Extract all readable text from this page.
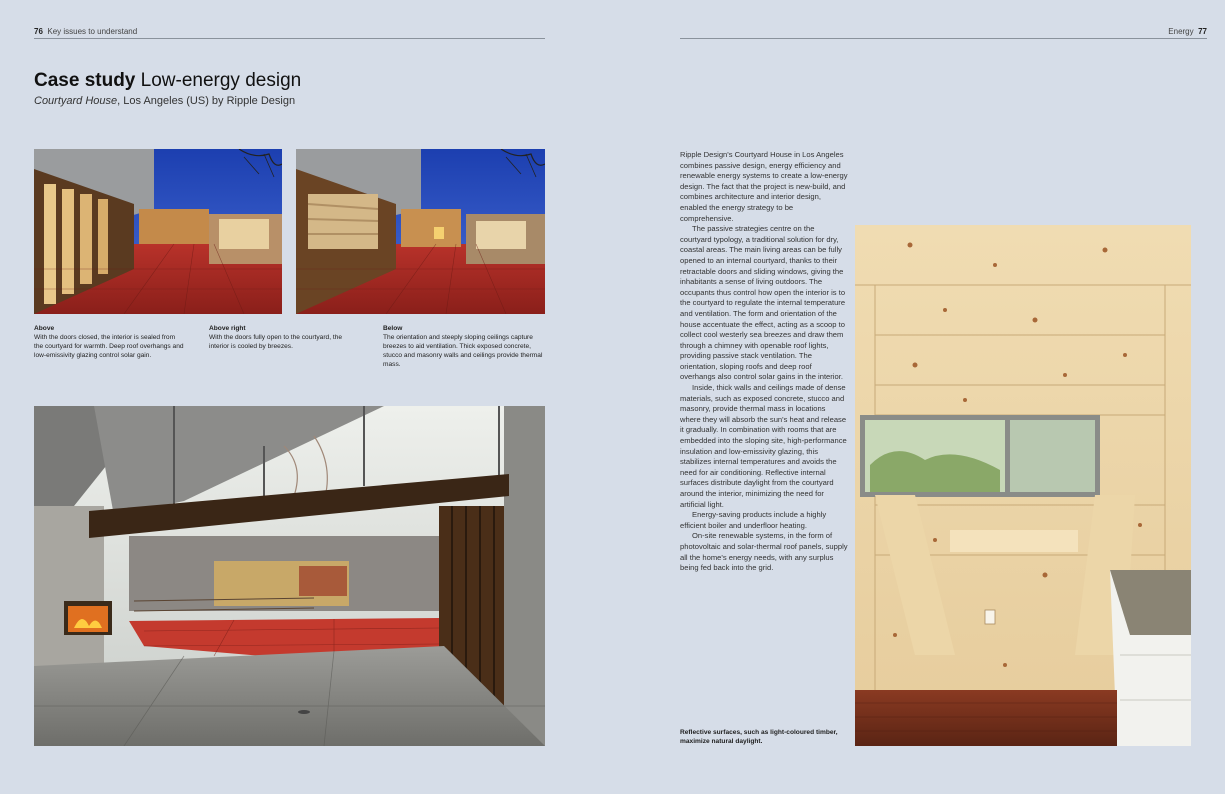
76 Key issues to understand
Case study Low-energy design
Courtyard House, Los Angeles (US) by Ripple Design
Above
With the doors closed, the interior is sealed from the courtyard for warmth. Deep roof overhangs and low-emissivity glazing control solar gain.
Above right
With the doors fully open to the courtyard, the interior is cooled by breezes.
Below
The orientation and steeply sloping ceilings capture breezes to aid ventilation. Thick exposed concrete, stucco and masonry walls and ceilings provide thermal mass.
Energy 77

Ripple Design's Courtyard House in Los Angeles combines passive design, energy efficiency and renewable energy systems to create a low-energy design. The fact that the project is new-build, and combines architecture and interior design, enabled the energy strategy to be comprehensive.

The passive strategies centre on the courtyard typology, a traditional solution for dry, coastal areas. The main living areas can be fully opened to an internal courtyard, thanks to their retractable doors and sliding windows, giving the inhabitants a sense of living outdoors. The occupants thus control how open the interior is to the courtyard to regulate the internal temperature and ventilation. The form and orientation of the house accentuate the effect, acting as a scoop to collect cool westerly sea breezes and draw them through a chimney with openable roof lights, providing passive stack ventilation. The orientation, sloping roofs and deep roof overhangs also control solar gains in the interior.

Inside, thick walls and ceilings made of dense materials, such as exposed concrete, stucco and masonry, provide thermal mass in locations where they will absorb the sun's heat and release it gradually. In combination with rooms that are embedded into the sloping site, high-performance insulation and low-emissivity glazing, this stabilizes internal temperatures and avoids the need for air conditioning. Reflective internal surfaces distribute daylight from the courtyard around the interior, minimizing the need for artificial light.

Energy-saving products include a highly efficient boiler and underfloor heating.

On-site renewable systems, in the form of photovoltaic and solar-thermal roof panels, supply all the home's energy needs, with any surplus being fed back into the grid.

Reflective surfaces, such as light-coloured timber, maximize natural daylight.
